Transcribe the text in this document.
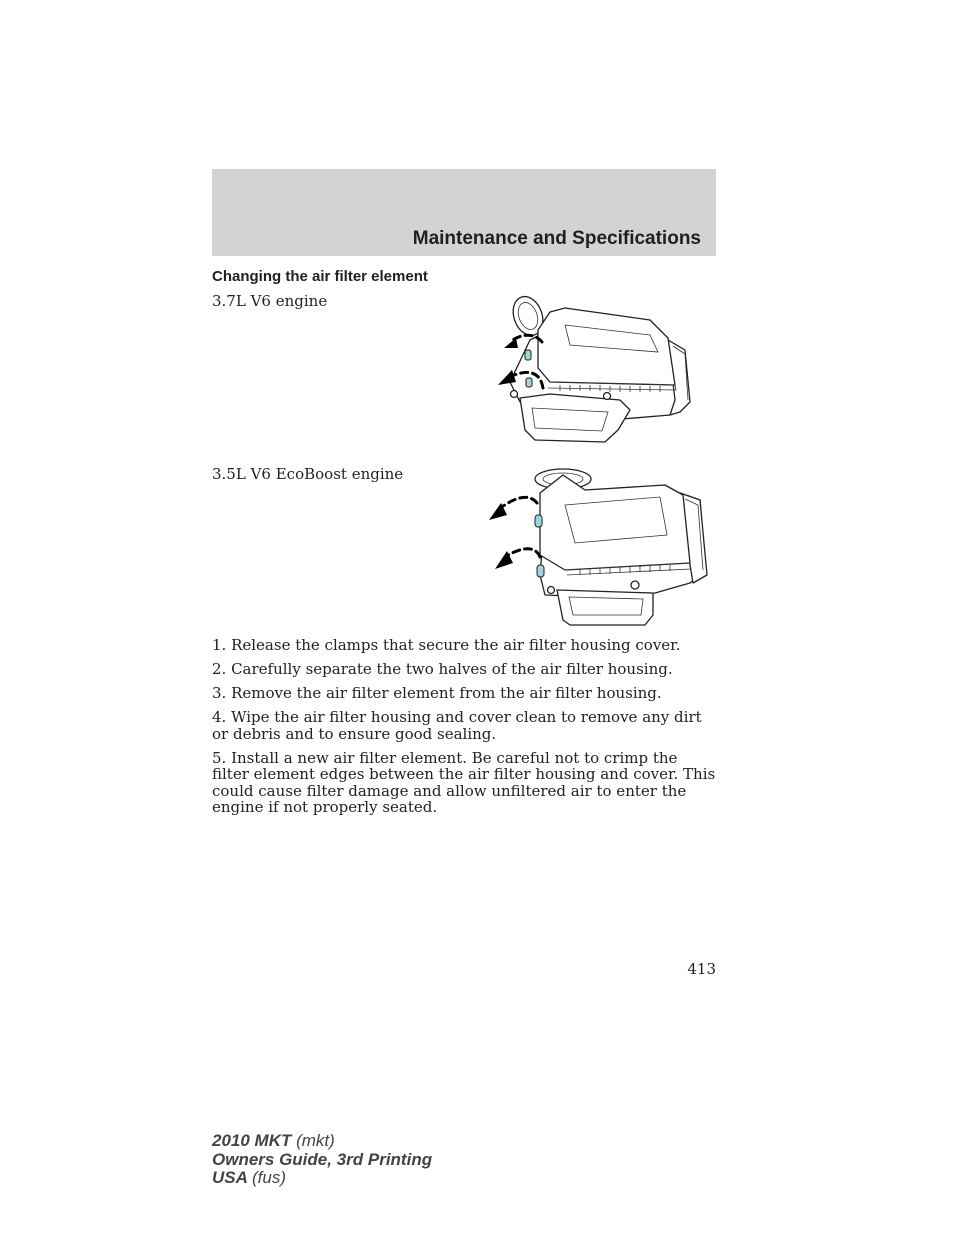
Maintenance and Specifications
Changing the air filter element
3.7L V6 engine
3.5L V6 EcoBoost engine

1. Release the clamps that secure the air filter housing cover.

2. Carefully separate the two halves of the air filter housing.

3. Remove the air filter element from the air filter housing.

4. Wipe the air filter housing and cover clean to remove any dirt or debris and to ensure good sealing.

5. Install a new air filter element. Be careful not to crimp the filter element edges between the air filter housing and cover. This could cause filter damage and allow unfiltered air to enter the engine if not properly seated.

413
2010 MKT (mkt)
Owners Guide, 3rd Printing
USA (fus)
